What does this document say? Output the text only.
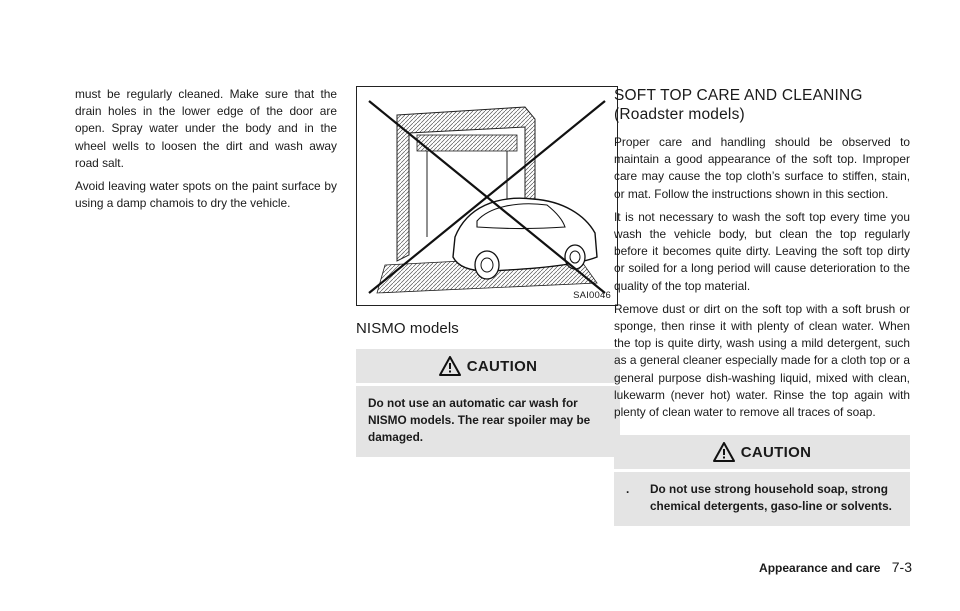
must be regularly cleaned. Make sure that the drain holes in the lower edge of the door are open. Spray water under the body and in the wheel wells to loosen the dirt and wash away road salt.

Avoid leaving water spots on the paint surface by using a damp chamois to dry the vehicle.

SAI0046
NISMO models
CAUTION
Do not use an automatic car wash for NISMO models. The rear spoiler may be damaged.
SOFT TOP CARE AND CLEANING
(Roadster models)

Proper care and handling should be observed to maintain a good appearance of the soft top. Improper care may cause the top cloth’s surface to stiffen, stain, or mat. Follow the instructions shown in this section.

It is not necessary to wash the soft top every time you wash the vehicle body, but clean the top regularly before it becomes quite dirty. Leaving the soft top dirty or soiled for a long period will cause deterioration to the quality of the top material.

Remove dust or dirt on the soft top with a soft brush or sponge, then rinse it with plenty of clean water. When the top is quite dirty, wash using a mild detergent, such as a general cleaner especially made for a cloth top or a general purpose dish-washing liquid, mixed with clean, lukewarm (never hot) water. Rinse the top again with plenty of clean water to remove all traces of soap.

CAUTION
.	Do not use strong household soap, strong chemical detergents, gaso-line or solvents.
Appearance and care 7-3
